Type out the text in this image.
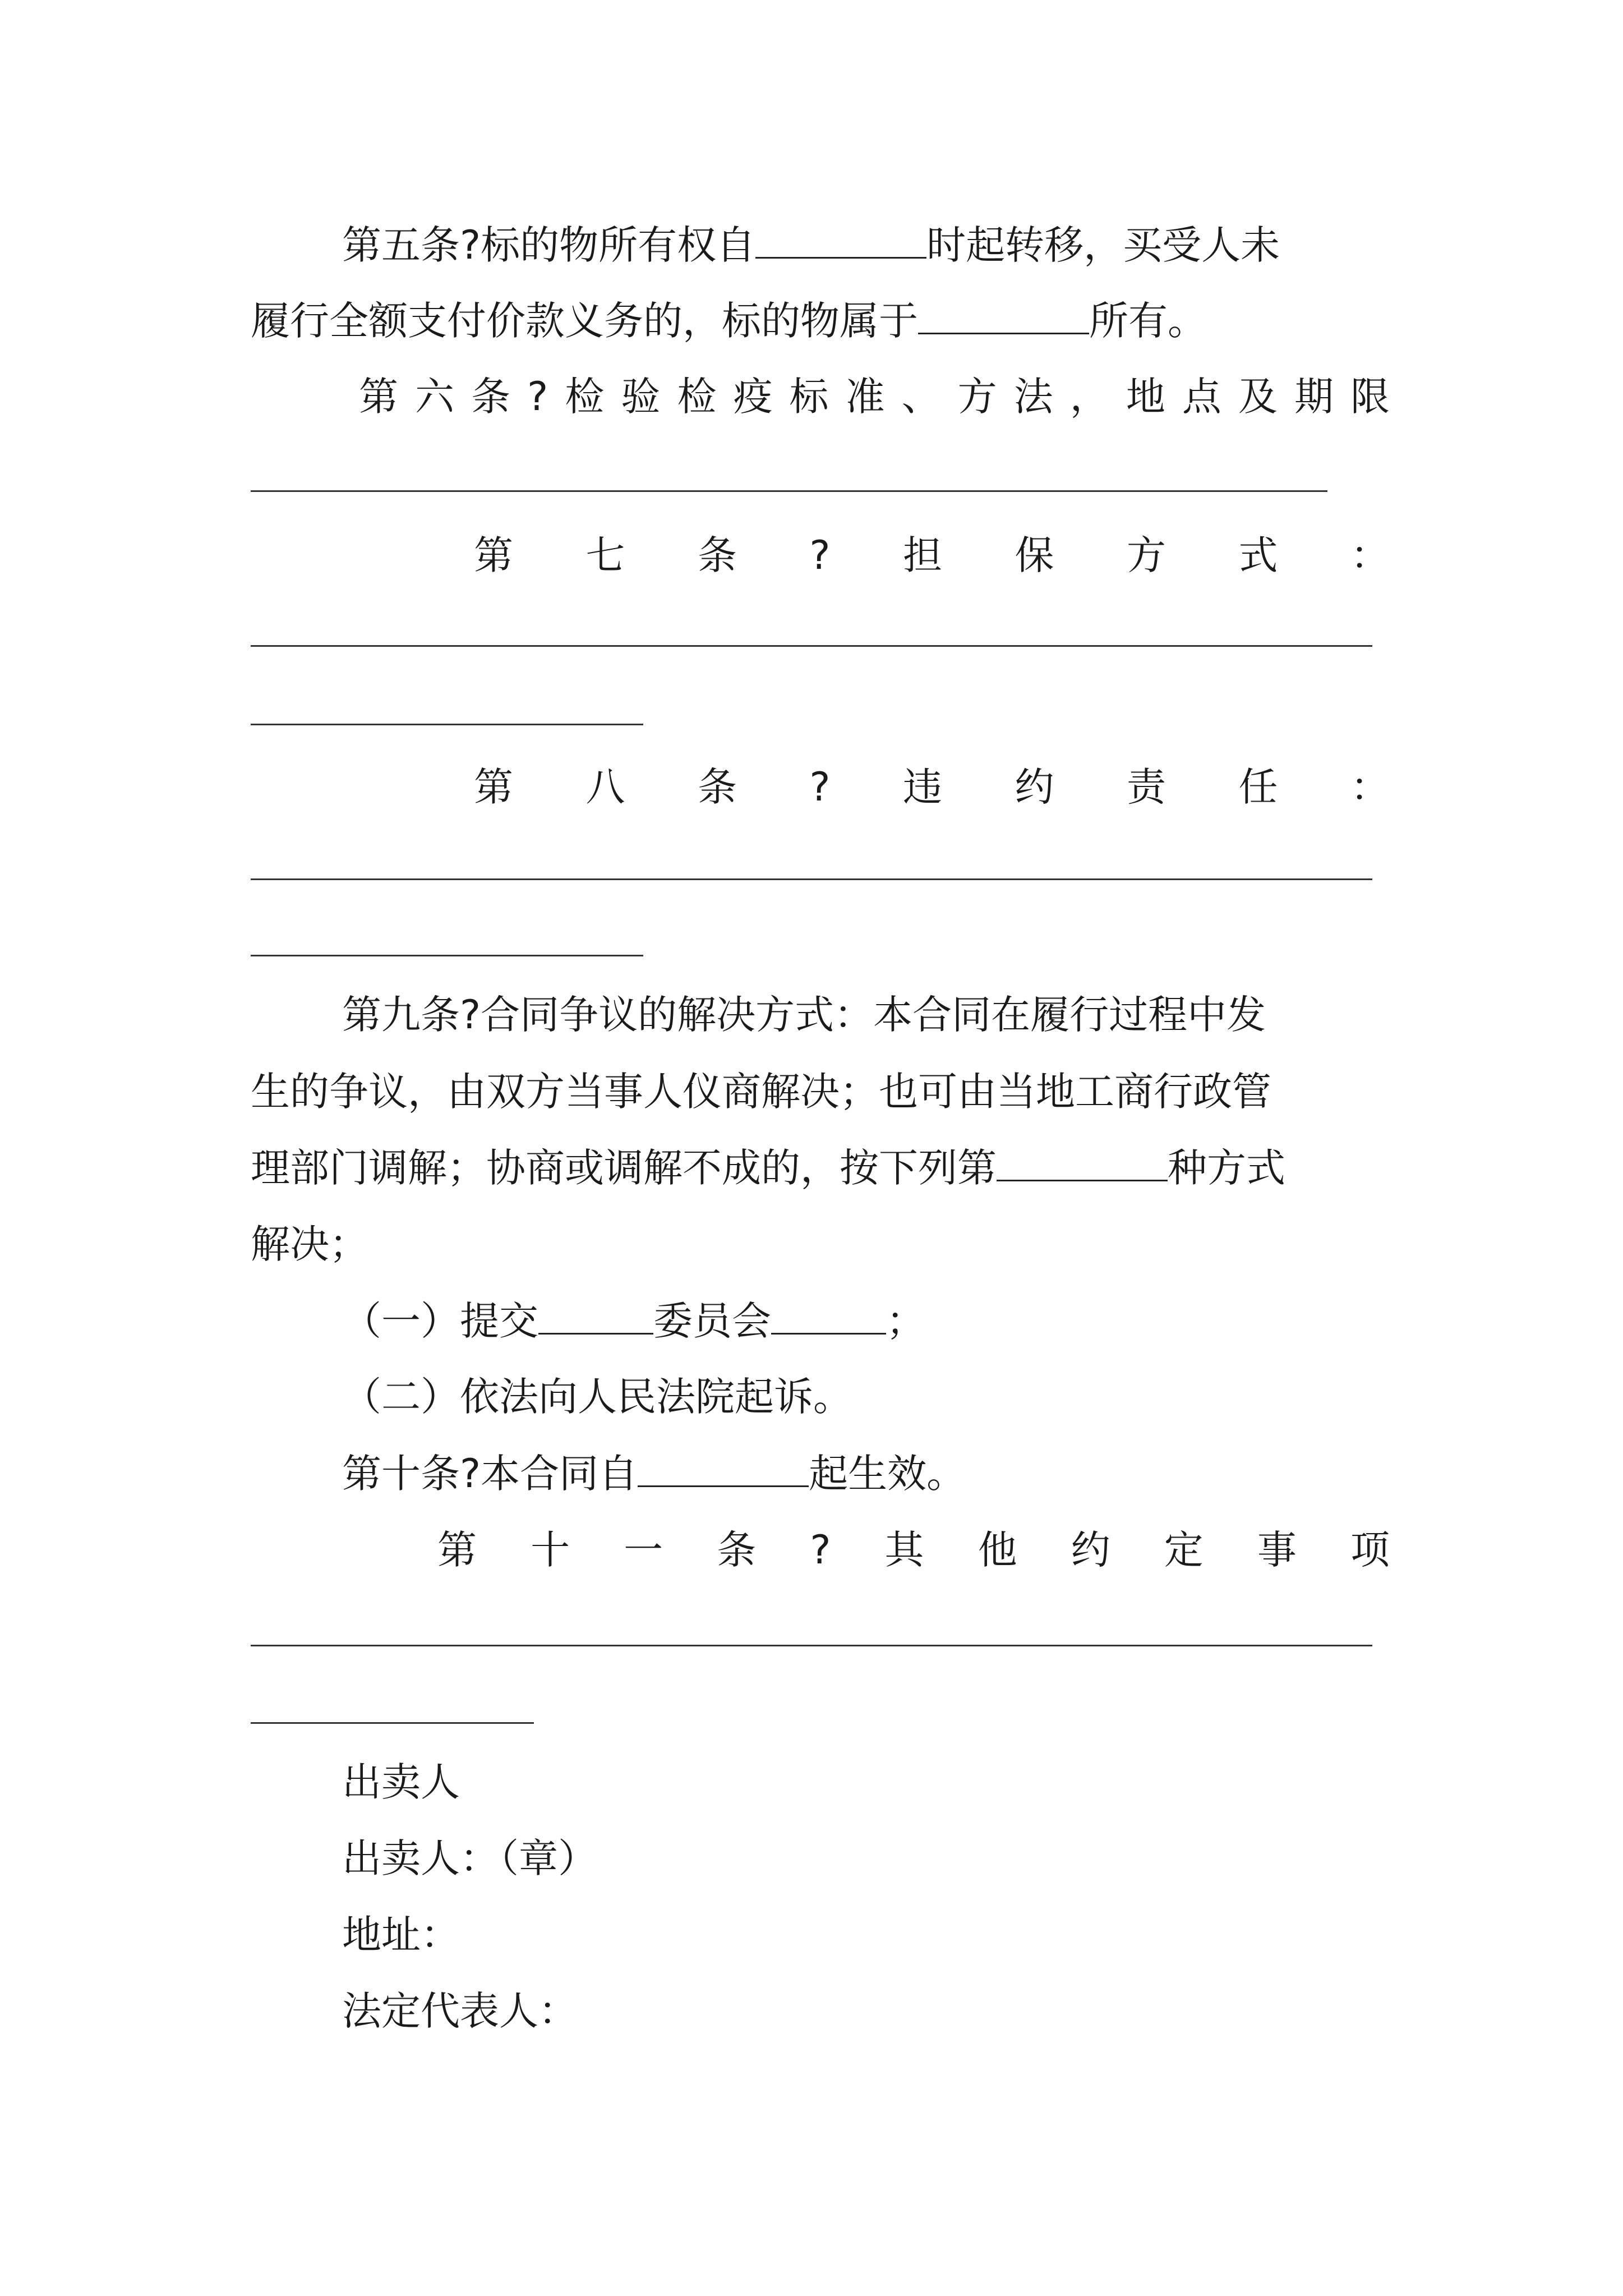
第五条?标的物所有权自	时起转移，买受人未
履行全额支付价款义务的，标的物属于	所有。
第 六 条 ? 检 验 检 疫 标 准 、 方 法 ， 地 点 及 期 限
第 七 条 ? 担 保 方 式 ：
第 八 条 ? 违 约 责 任 ：
第九条?合同争议的解决方式：本合同在履行过程中发
生的争议，由双方当事人仪商解决；也可由当地工商行政管
理部门调解；协商或调解不成的，按下列第	种方式
解决；
（一）提交	委员会	；
（二）依法向人民法院起诉。
第十条?本合同自	起生效。
第 十 一 条 ? 其 他 约 定 事 项
出卖人
出卖人：（章）
地址：
法定代表人：
